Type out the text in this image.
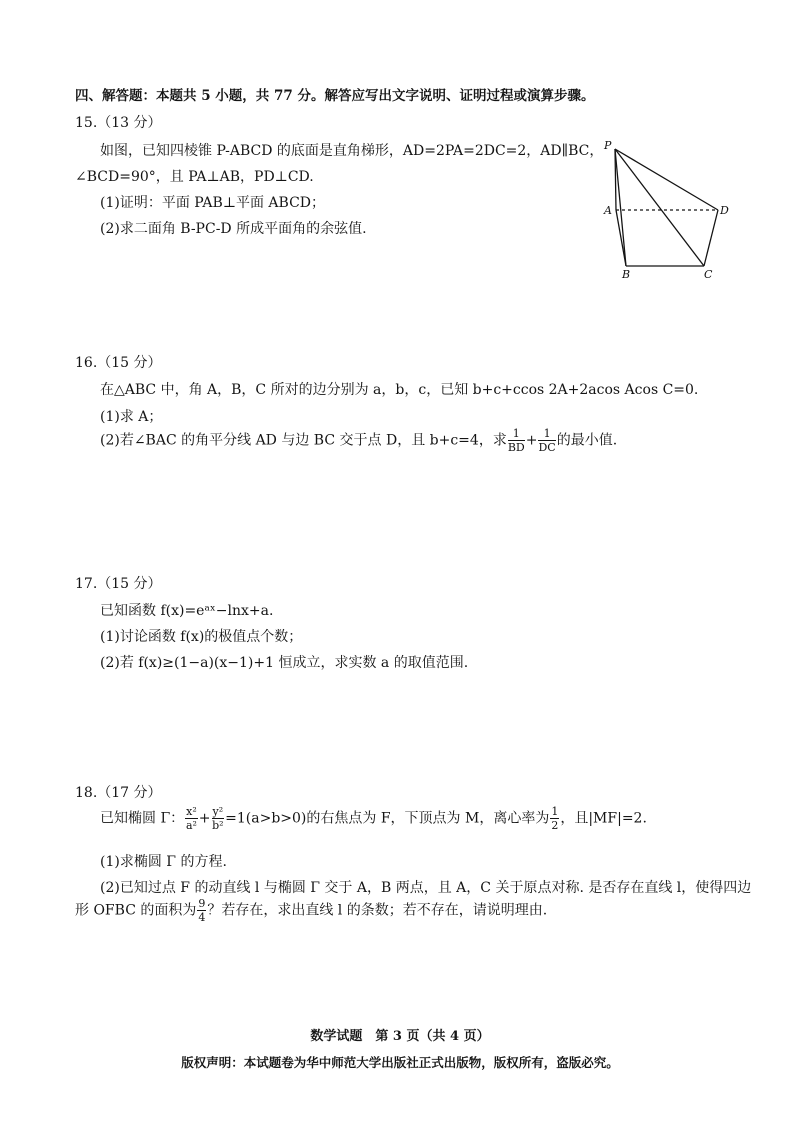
四、解答题：本题共 5 小题，共 77 分。解答应写出文字说明、证明过程或演算步骤。
15.（13 分）
如图，已知四棱锥 P-ABCD 的底面是直角梯形，AD=2PA=2DC=2，AD∥BC，
∠BCD=90°，且 PA⊥AB，PD⊥CD.
(1)证明：平面 PAB⊥平面 ABCD；
(2)求二面角 B-PC-D 所成平面角的余弦值.
P
A
B	C
D
16.（15 分）
在△ABC 中，角 A，B，C 所对的边分别为 a，b，c，已知 b+c+ccos 2A+2acos Acos C=0.
(1)求 A；
(2)若∠BAC 的角平分线 AD 与边 BC 交于点 D，且 b+c=4，求 $\frac{1}{BD} + \frac{1}{DC}$ 的最小值.
17.（15 分）
已知函数 f(x)=eᵃˣ−lnx+a.
(1)讨论函数 f(x)的极值点个数；
(2)若 f(x)≥(1−a)(x−1)+1 恒成立，求实数 a 的取值范围.
18.（17 分）
已知椭圆 Γ： $\frac{\text{x²}}{\text{a²}} + \frac{\text{y²}}{\text{b²}} =1(a>b>0)$的右焦点为 F，下顶点为 M，离心率为 $\frac{1}{2}$ ，且|MF|=2.
(1)求椭圆 Γ 的方程.
(2)已知过点 F 的动直线 l 与椭圆 Γ 交于 A，B 两点，且 A，C 关于原点对称. 是否存在直线 l，使得四边
形 OFBC 的面积为 $\frac{9}{4}$ ？若存在，求出直线 l 的条数；若不存在，请说明理由.
数学试题　第 3 页（共 4 页）
版权声明：本试题卷为华中师范大学出版社正式出版物，版权所有，盗版必究。
